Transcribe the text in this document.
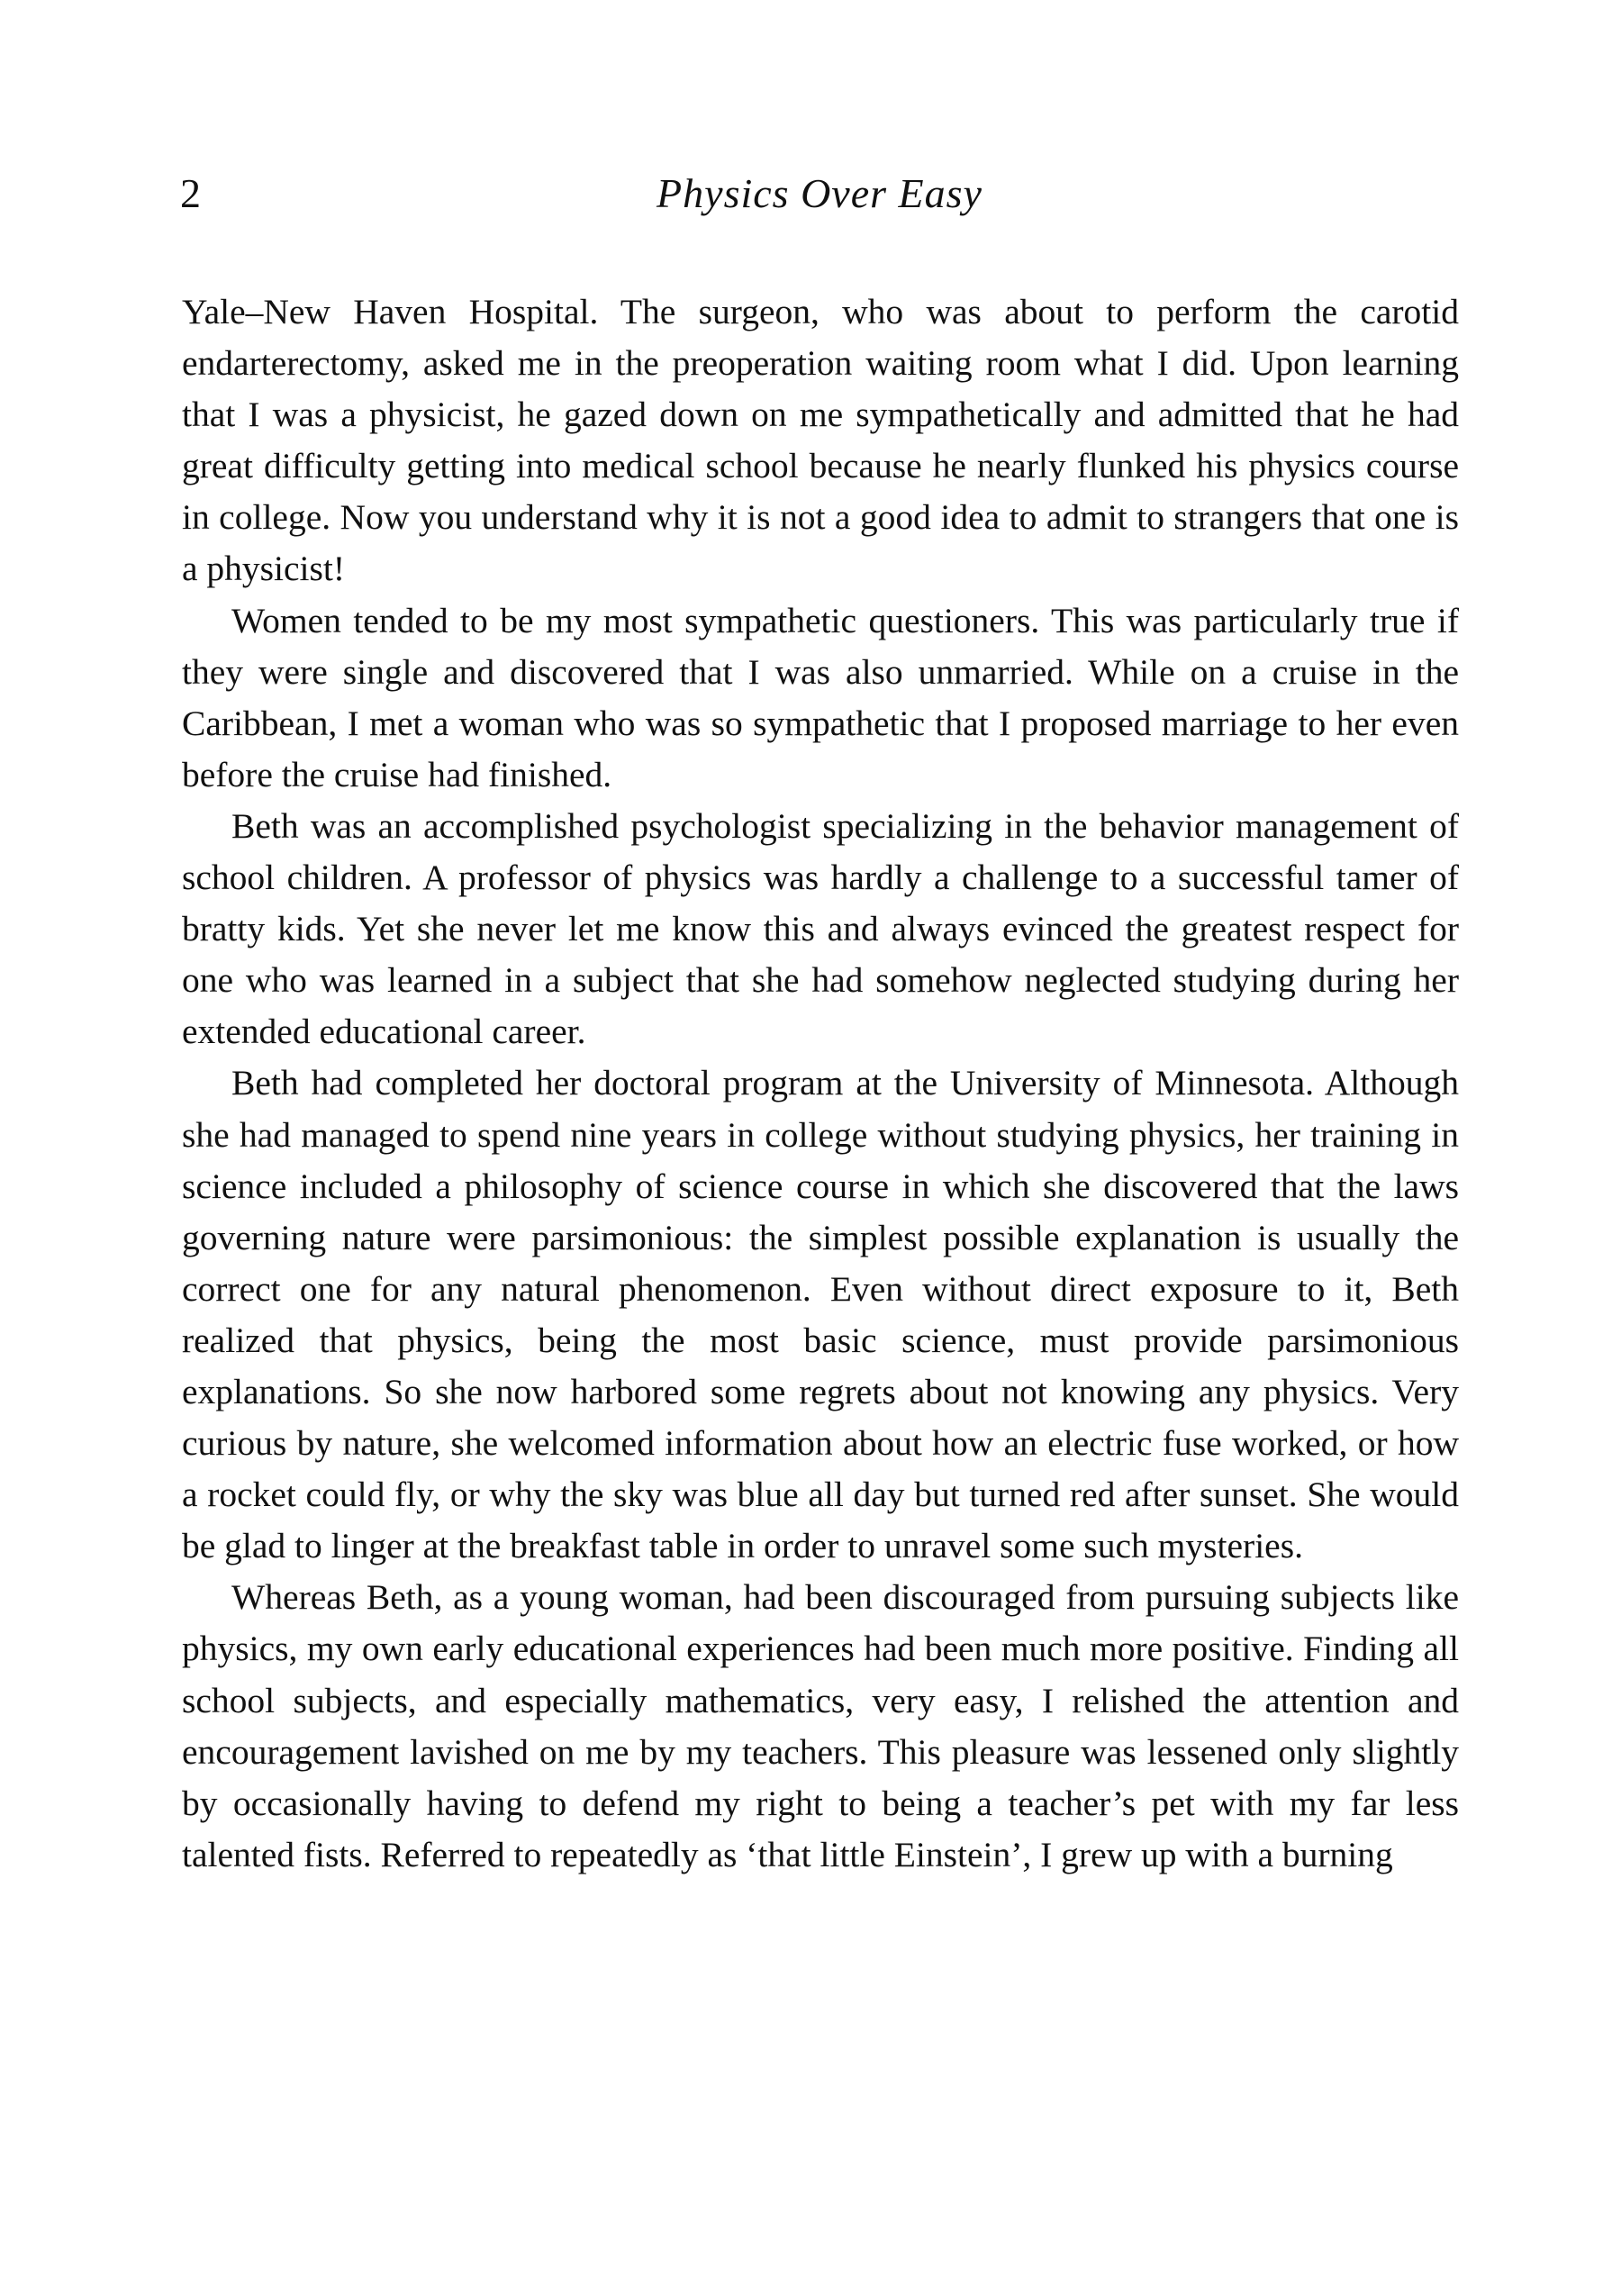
2	Physics Over Easy

Yale–New Haven Hospital. The surgeon, who was about to perform the carotid endarterectomy, asked me in the preoperation waiting room what I did. Upon learning that I was a physicist, he gazed down on me sympathetically and admitted that he had great difficulty getting into medical school because he nearly flunked his physics course in college. Now you understand why it is not a good idea to admit to strangers that one is a physicist!

Women tended to be my most sympathetic questioners. This was particularly true if they were single and discovered that I was also unmarried. While on a cruise in the Caribbean, I met a woman who was so sympathetic that I proposed marriage to her even before the cruise had finished.

Beth was an accomplished psychologist specializing in the behavior management of school children. A professor of physics was hardly a challenge to a successful tamer of bratty kids. Yet she never let me know this and always evinced the greatest respect for one who was learned in a subject that she had somehow neglected studying during her extended educational career.

Beth had completed her doctoral program at the University of Minnesota. Although she had managed to spend nine years in college without studying physics, her training in science included a philosophy of science course in which she discovered that the laws governing nature were parsimonious: the simplest possible explanation is usually the correct one for any natural phenomenon. Even without direct exposure to it, Beth realized that physics, being the most basic science, must provide parsimonious explanations. So she now harbored some regrets about not knowing any physics. Very curious by nature, she welcomed information about how an electric fuse worked, or how a rocket could fly, or why the sky was blue all day but turned red after sunset. She would be glad to linger at the breakfast table in order to unravel some such mysteries.

Whereas Beth, as a young woman, had been discouraged from pursuing subjects like physics, my own early educational experiences had been much more positive. Finding all school subjects, and especially mathematics, very easy, I relished the attention and encouragement lavished on me by my teachers. This pleasure was lessened only slightly by occasionally having to defend my right to being a teacher’s pet with my far less talented fists. Referred to repeatedly as ‘that little Einstein’, I grew up with a burning
